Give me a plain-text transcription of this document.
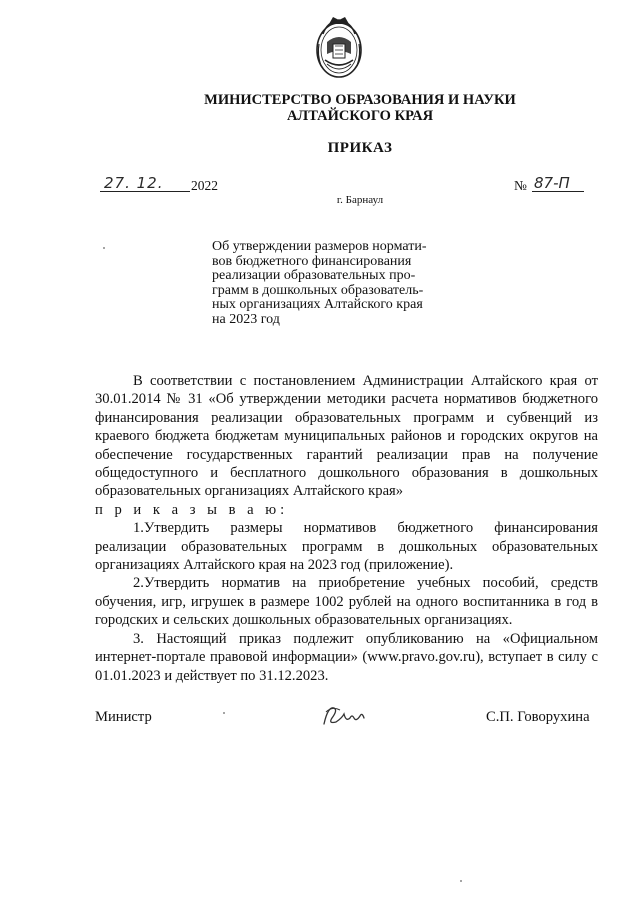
МИНИСТЕРСТВО ОБРАЗОВАНИЯ И НАУКИ
АЛТАЙСКОГО КРАЯ
ПРИКАЗ
27. 12. 2022	№ 87-П
г. Барнаул
Об утверждении размеров нормати-
вов бюджетного финансирования
реализации образовательных про-
грамм в дошкольных образователь-
ных организациях Алтайского края
на 2023 год
В соответствии с постановлением Администрации Алтайского края от 30.01.2014 № 31 «Об утверждении методики расчета нормативов бюджетного финансирования реализации образовательных программ и субвенций из краевого бюджета бюджетам муниципальных районов и городских округов на обеспечение государственных гарантий реализации прав на получение общедоступного и бесплатного дошкольного образования в дошкольных образовательных организациях Алтайского края»
п р и к а з ы в а ю:
1.Утвердить размеры нормативов бюджетного финансирования реализации образовательных программ в дошкольных образовательных организациях Алтайского края на 2023 год (приложение).
2.Утвердить норматив на приобретение учебных пособий, средств обучения, игр, игрушек в размере 1002 рублей на одного воспитанника в год в городских и сельских дошкольных образовательных организациях.
3. Настоящий приказ подлежит опубликованию на «Официальном интернет-портале правовой информации» (www.pravo.gov.ru), вступает в силу с 01.01.2023 и действует по 31.12.2023.
Министр	С.П. Говорухина
